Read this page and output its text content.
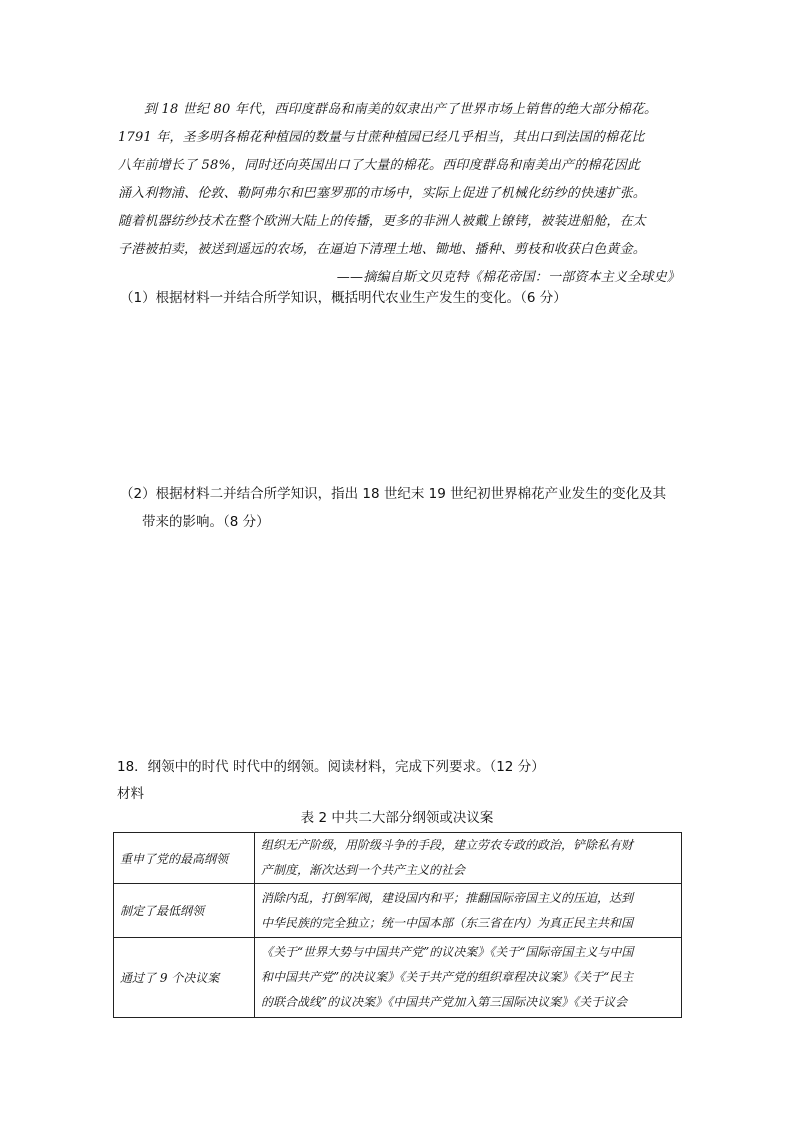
到 18 世纪 80 年代，西印度群岛和南美的奴隶出产了世界市场上销售的绝大部分棉花。
1791 年，圣多明各棉花种植园的数量与甘蔗种植园已经几乎相当，其出口到法国的棉花比
八年前增长了 58%，同时还向英国出口了大量的棉花。西印度群岛和南美出产的棉花因此
涌入利物浦、伦敦、勒阿弗尔和巴塞罗那的市场中，实际上促进了机械化纺纱的快速扩张。
随着机器纺纱技术在整个欧洲大陆上的传播，更多的非洲人被戴上镣铐，被装进船舱，在太
子港被拍卖，被送到遥远的农场，在逼迫下清理土地、锄地、播种、剪枝和收获白色黄金。
——摘编自斯文贝克特《棉花帝国：一部资本主义全球史》
（1）根据材料一并结合所学知识，概括明代农业生产发生的变化。（6 分）
（2）根据材料二并结合所学知识，指出 18 世纪末 19 世纪初世界棉花产业发生的变化及其
带来的影响。（8 分）
18．纲领中的时代 时代中的纲领。阅读材料，完成下列要求。（12 分）
材料
表 2 中共二大部分纲领或决议案
重申了党的最高纲领	组织无产阶级，用阶级斗争的手段，建立劳农专政的政治，铲除私有财
产制度，渐次达到一个共产主义的社会

制定了最低纲领	消除内乱，打倒军阀，建设国内和平；推翻国际帝国主义的压迫，达到
中华民族的完全独立；统一中国本部（东三省在内）为真正民主共和国

通过了 9 个决议案	《关于“世界大势与中国共产党”的议决案》《关于“国际帝国主义与中国
和中国共产党”的决议案》《关于共产党的组织章程决议案》《关于“民主
的联合战线”的议决案》《中国共产党加入第三国际决议案》《关于议会
